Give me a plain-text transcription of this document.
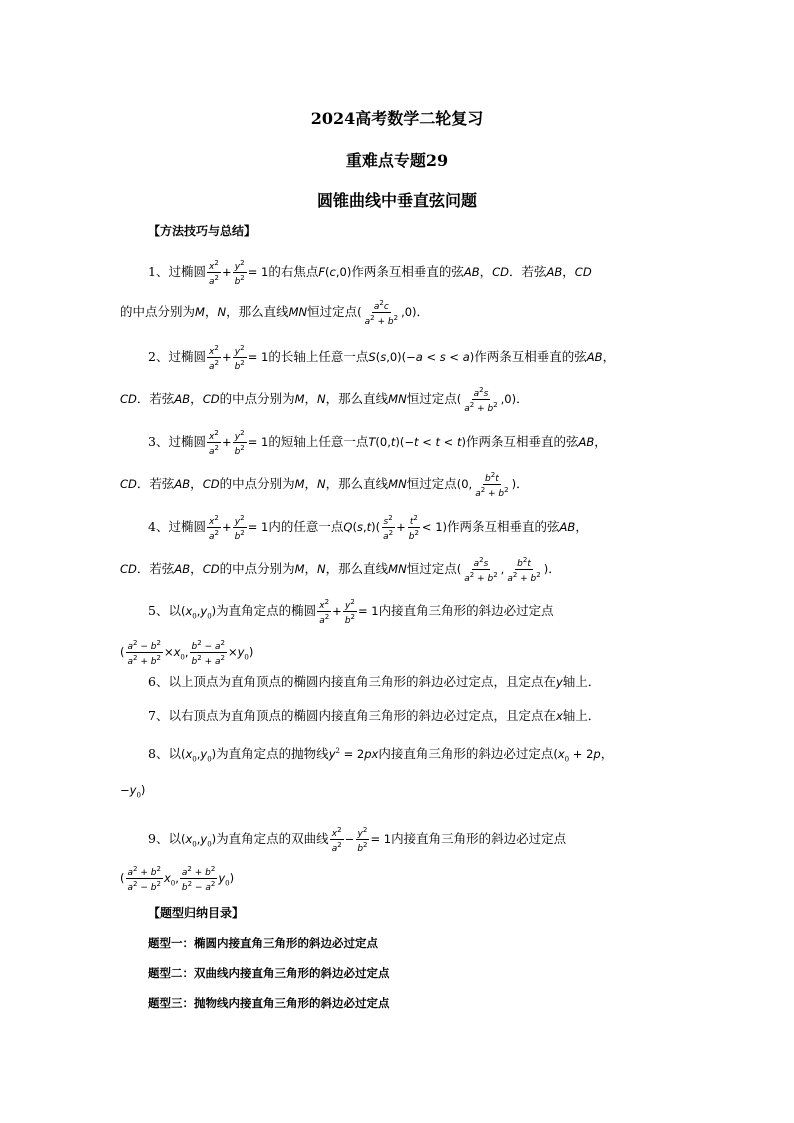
2024高考数学二轮复习
重难点专题29
圆锥曲线中垂直弦问题
【方法技巧与总结】
1、过椭圆 $\frac{x^2}{a^2} + \frac{y^2}{b^2} = 1$的右焦点F(c,0)作两条互相垂直的弦AB，CD．若弦AB，CD
的中点分别为M，N，那么直线MN恒过定点( $\frac{a^2c}{a^2 + b^2} ,0$)．
2、过椭圆 $\frac{x^2}{a^2} + \frac{y^2}{b^2} = 1$的长轴上任意一点S(s,0)(−a < s < a)作两条互相垂直的弦AB，
CD．若弦AB，CD的中点分别为M，N，那么直线MN恒过定点( $\frac{a^2s}{a^2 + b^2} ,0$)．
3、过椭圆 $\frac{x^2}{a^2} + \frac{y^2}{b^2} = 1$的短轴上任意一点T(0,t)(−t < t < t)作两条互相垂直的弦AB，
CD．若弦AB，CD的中点分别为M，N，那么直线MN恒过定点(0, $\frac{b^2t}{a^2 + b^2}$ )．
4、过椭圆 $\frac{x^2}{a^2} + \frac{y^2}{b^2} = 1$内的任意一点$Q(s,t)( \frac{s^2}{a^2} + \frac{t^2}{b^2} < 1)$作两条互相垂直的弦AB，
CD．若弦AB，CD的中点分别为M，N，那么直线MN恒过定点( $\frac{a^2s}{a^2 + b^2}$ , $\frac{b^2t}{a^2 + b^2}$ )．
5、以$(x_0,y_0)$为直角定点的椭圆 $\frac{x^2}{a^2} + \frac{y^2}{b^2} = 1$内接直角三角形的斜边必过定点
( $\frac{a^2 - b^2}{a^2 + b^2} \times x_0$, $\frac{b^2 - a^2}{b^2 + a^2} \times y_0$)
6、以上顶点为直角顶点的椭圆内接直角三角形的斜边必过定点，且定点在y轴上．
7、以右顶点为直角顶点的椭圆内接直角三角形的斜边必过定点，且定点在x轴上．
8、以$(x_0,y_0)$为直角定点的抛物线$y^2 = 2px$内接直角三角形的斜边必过定点($x_0 + 2p$，
$-y_0$)
9、以$(x_0,y_0)$为直角定点的双曲线 $\frac{x^2}{a^2} - \frac{y^2}{b^2} = 1$内接直角三角形的斜边必过定点
( $\frac{a^2 + b^2}{a^2 - b^2} x_0$, $\frac{a^2 + b^2}{b^2 - a^2} y_0$)
【题型归纳目录】
题型一：椭圆内接直角三角形的斜边必过定点
题型二：双曲线内接直角三角形的斜边必过定点
题型三：抛物线内接直角三角形的斜边必过定点
